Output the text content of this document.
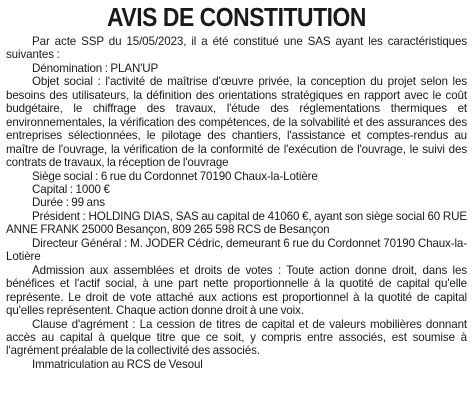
AVIS DE CONSTITUTION

Par acte SSP du 15/05/2023, il a été constitué une SAS ayant les caractéristiques suivantes :

Dénomination : PLAN'UP

Objet social : l'activité de maîtrise d'œuvre privée, la conception du projet selon les besoins des utilisateurs, la définition des orientations stratégiques en rapport avec le coût budgétaire, le chiffrage des travaux, l'étude des réglementations thermiques et environnementales, la vérification des compétences, de la solvabilité et des assurances des entreprises sélectionnées, le pilotage des chantiers, l'assistance et comptes-rendus au maître de l'ouvrage, la vérification de la conformité de l'exécution de l'ouvrage, le suivi des contrats de travaux, la réception de l'ouvrage

Siège social : 6 rue du Cordonnet 70190 Chaux-la-Lotière

Capital : 1000 €

Durée : 99 ans

Président : HOLDING DIAS, SAS au capital de 41060 €, ayant son siège social 60 RUE ANNE FRANK 25000 Besançon, 809 265 598 RCS de Besançon

Directeur Général : M. JODER Cédric, demeurant 6 rue du Cordonnet 70190 Chaux-la-Lotière

Admission aux assemblées et droits de votes : Toute action donne droit, dans les bénéfices et l'actif social, à une part nette proportionnelle à la quotité de capital qu'elle représente. Le droit de vote attaché aux actions est proportionnel à la quotité de capital qu'elles représentent. Chaque action donne droit à une voix.

Clause d'agrément : La cession de titres de capital et de valeurs mobilières donnant accès au capital à quelque titre que ce soit, y compris entre associés, est soumise à l'agrément préalable de la collectivité des associés.

Immatriculation au RCS de Vesoul
